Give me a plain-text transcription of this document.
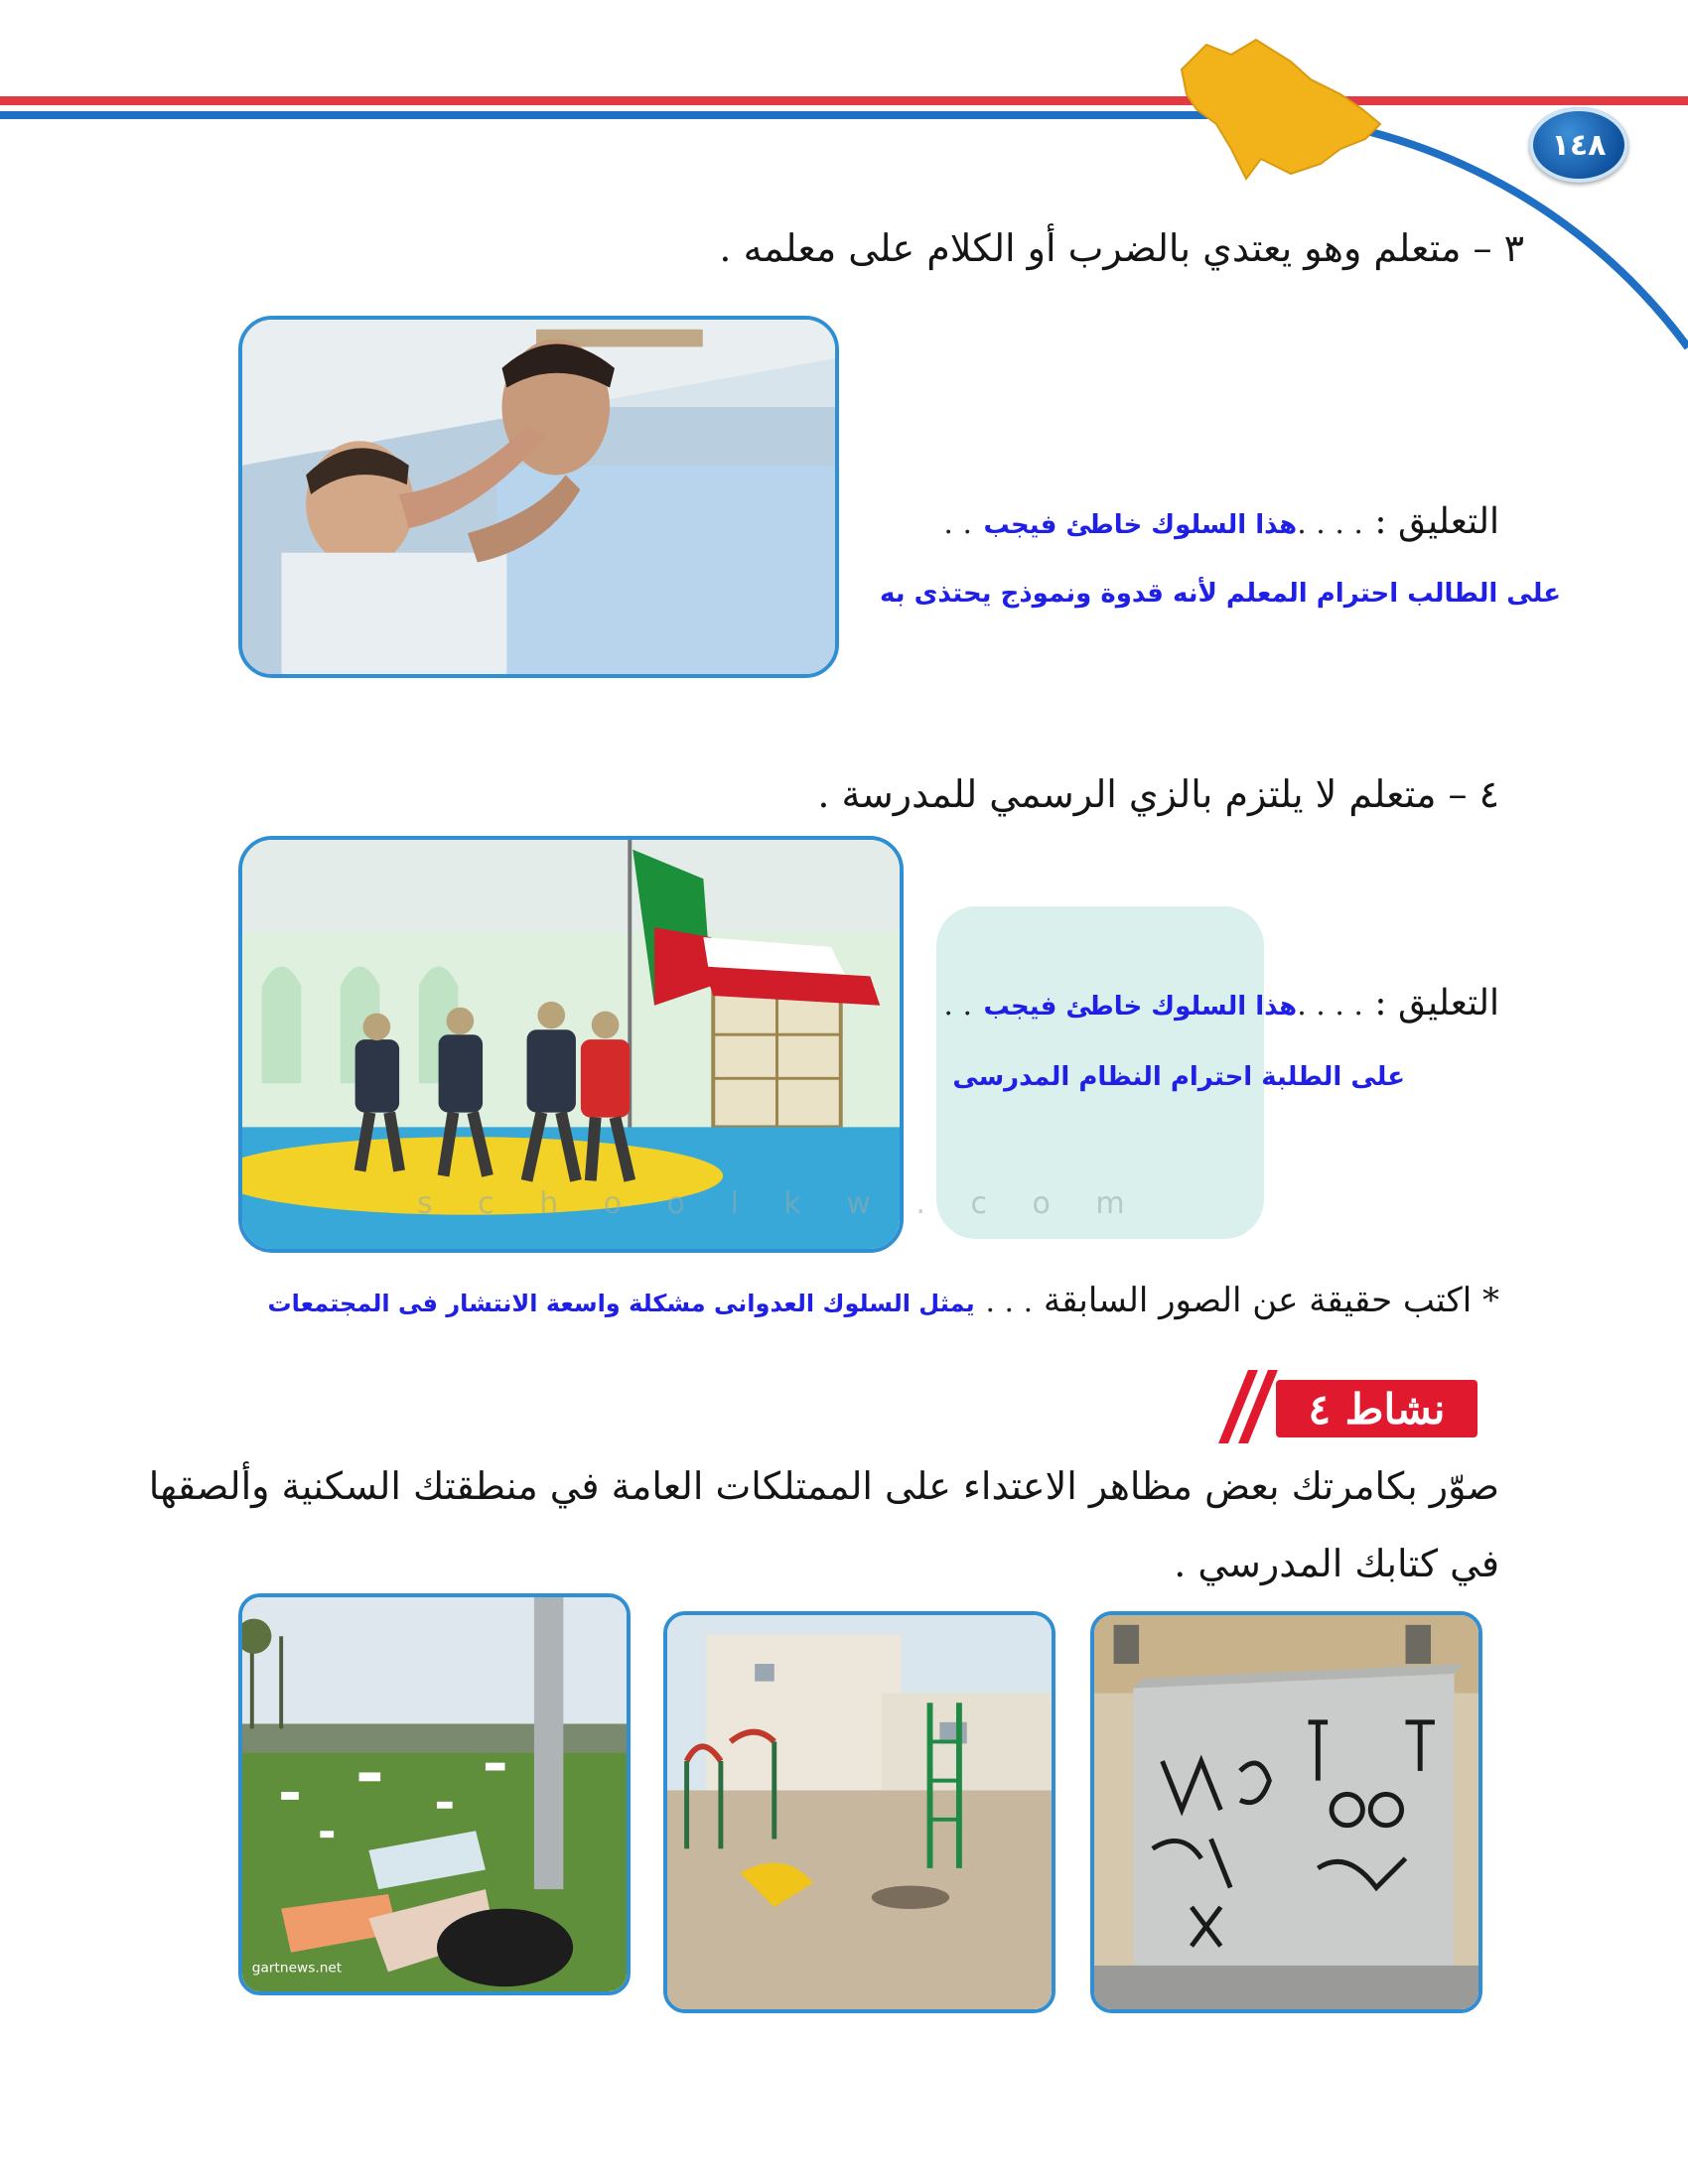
١٤٨
٣ – متعلم وهو يعتدي بالضرب أو الكلام على معلمه .
التعليق : . . . .هذا السلوك خاطئ فيجب . .
على الطالب احترام المعلم لأنه قدوة ونموذج يحتذى به
٤ – متعلم لا يلتزم بالزي الرسمي للمدرسة .
s c h o o l k w . c o m
التعليق : . . . .هذا السلوك خاطئ فيجب . .
على الطلبة احترام النظام المدرسى
* اكتب حقيقة عن الصور السابقة . . . يمثل السلوك العدوانى مشكلة واسعة الانتشار فى المجتمعات
نشاط ٤
صوّر بكامرتك بعض مظاهر الاعتداء على الممتلكات العامة في منطقتك السكنية وألصقها
في كتابك المدرسي .
gartnews.net
